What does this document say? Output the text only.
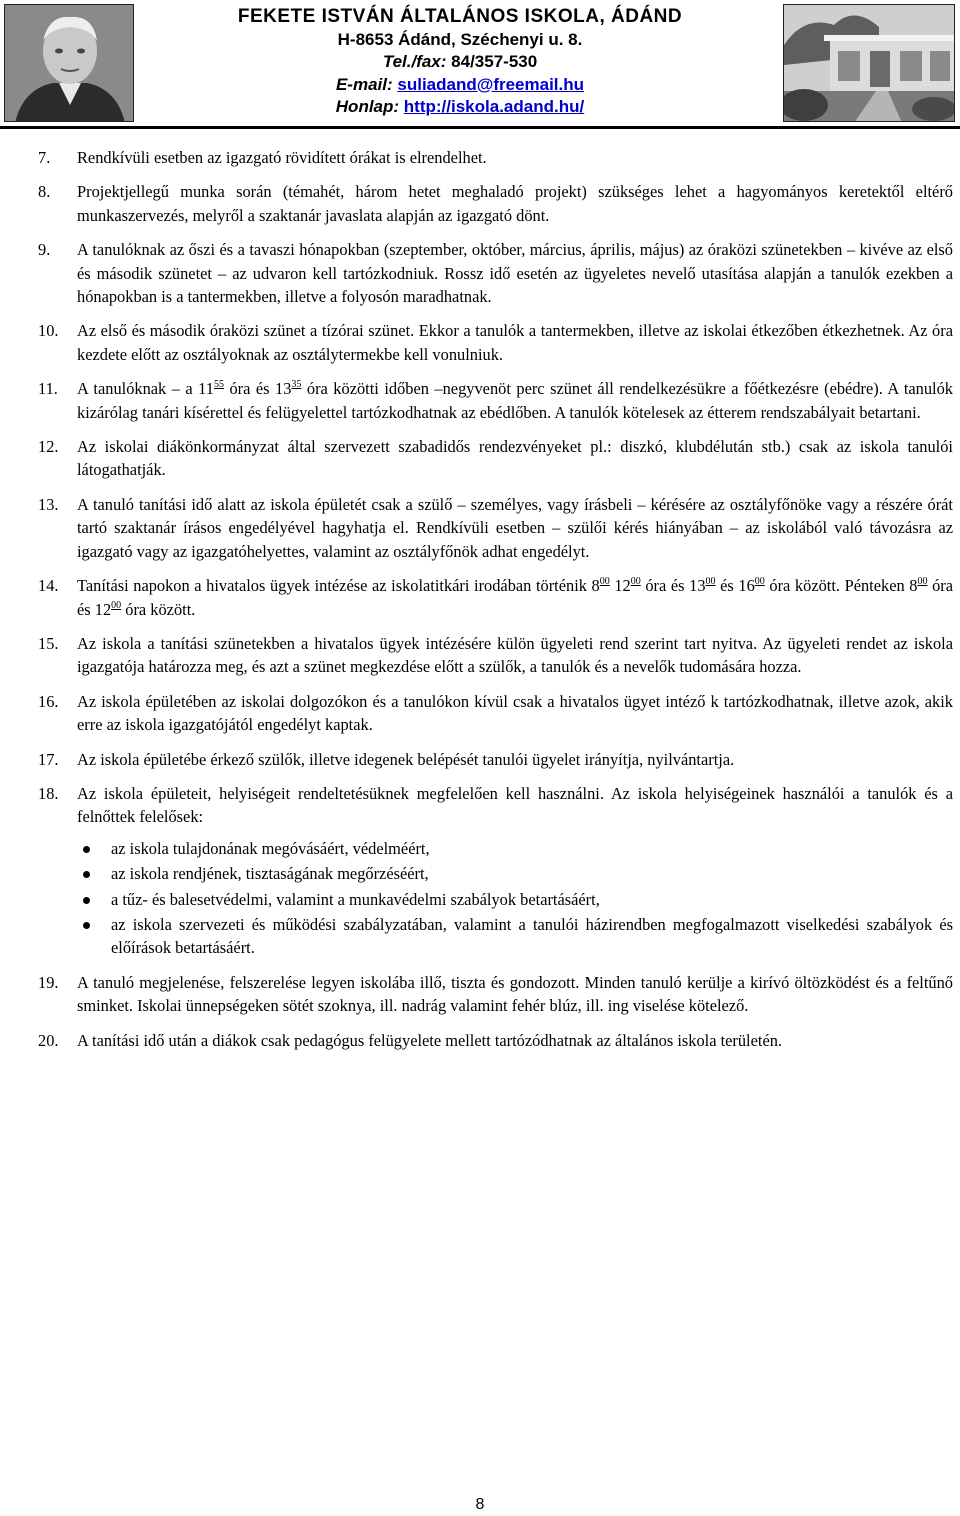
FEKETE ISTVÁN ÁLTALÁNOS ISKOLA, ÁDÁND
H-8653 Ádánd, Széchenyi u. 8.
Tel./fax: 84/357-530
E-mail: suliadand@freemail.hu
Honlap: http://iskola.adand.hu/
7. Rendkívüli esetben az igazgató rövidített órákat is elrendelhet.
8. Projektjellegű munka során (témahét, három hetet meghaladó projekt) szükséges lehet a hagyományos keretektől eltérő munkaszervezés, melyről a szaktanár javaslata alapján az igazgató dönt.
9. A tanulóknak az őszi és a tavaszi hónapokban (szeptember, október, március, április, május) az óraközi szünetekben – kivéve az első és második szünetet – az udvaron kell tartózkodniuk. Rossz idő esetén az ügyeletes nevelő utasítása alapján a tanulók ezekben a hónapokban is a tantermekben, illetve a folyosón maradhatnak.
10. Az első és második óraközi szünet a tízórai szünet. Ekkor a tanulók a tantermekben, illetve az iskolai étkezőben étkezhetnek. Az óra kezdete előtt az osztályoknak az osztálytermekbe kell vonulniuk.
11. A tanulóknak – a $11^{55}$ óra és $13^{35}$ óra közötti időben –negyvenöt perc szünet áll rendelkezésükre a főétkezésre (ebédre). A tanulók kizárólag tanári kísérettel és felügyelettel tartózkodhatnak az ebédlőben. A tanulók kötelesek az étterem rendszabályait betartani.
12. Az iskolai diákönkormányzat által szervezett szabadidős rendezvényeket pl.: diszkó, klubdélután stb.) csak az iskola tanulói látogathatják.
13. A tanuló tanítási idő alatt az iskola épületét csak a szülő – személyes, vagy írásbeli – kérésére az osztályfőnöke vagy a részére órát tartó szaktanár írásos engedélyével hagyhatja el. Rendkívüli esetben – szülői kérés hiányában – az iskolából való távozásra az igazgató vagy az igazgatóhelyettes, valamint az osztályfőnök adhat engedélyt.
14. Tanítási napokon a hivatalos ügyek intézése az iskolatitkári irodában történik $8^{00}$ $12^{00}$ óra és $13^{00}$ és $16^{00}$ óra között. Pénteken $8^{00}$ óra és $12^{00}$ óra között.
15. Az iskola a tanítási szünetekben a hivatalos ügyek intézésére külön ügyeleti rend szerint tart nyitva. Az ügyeleti rendet az iskola igazgatója határozza meg, és azt a szünet megkezdése előtt a szülők, a tanulók és a nevelők tudomására hozza.
16. Az iskola épületében az iskolai dolgozókon és a tanulókon kívül csak a hivatalos ügyet intéző k tartózkodhatnak, illetve azok, akik erre az iskola igazgatójától engedélyt kaptak.
17. Az iskola épületébe érkező szülők, illetve idegenek belépését tanulói ügyelet irányítja, nyilvántartja.
18. Az iskola épületeit, helyiségeit rendeltetésüknek megfelelően kell használni. Az iskola helyiségeinek használói a tanulók és a felnőttek felelősek:
az iskola tulajdonának megóvásáért, védelméért,
az iskola rendjének, tisztaságának megőrzéséért,
a tűz- és balesetvédelmi, valamint a munkavédelmi szabályok betartásáért,
az iskola szervezeti és működési szabályzatában, valamint a tanulói házirendben megfogalmazott viselkedési szabályok és előírások betartásáért.
19. A tanuló megjelenése, felszerelése legyen iskolába illő, tiszta és gondozott. Minden tanuló kerülje a kirívó öltözködést és a feltűnő sminket. Iskolai ünnepségeken sötét szoknya, ill. nadrág valamint fehér blúz, ill. ing viselése kötelező.
20. A tanítási idő után a diákok csak pedagógus felügyelete mellett tartózódhatnak az általános iskola területén.
8
